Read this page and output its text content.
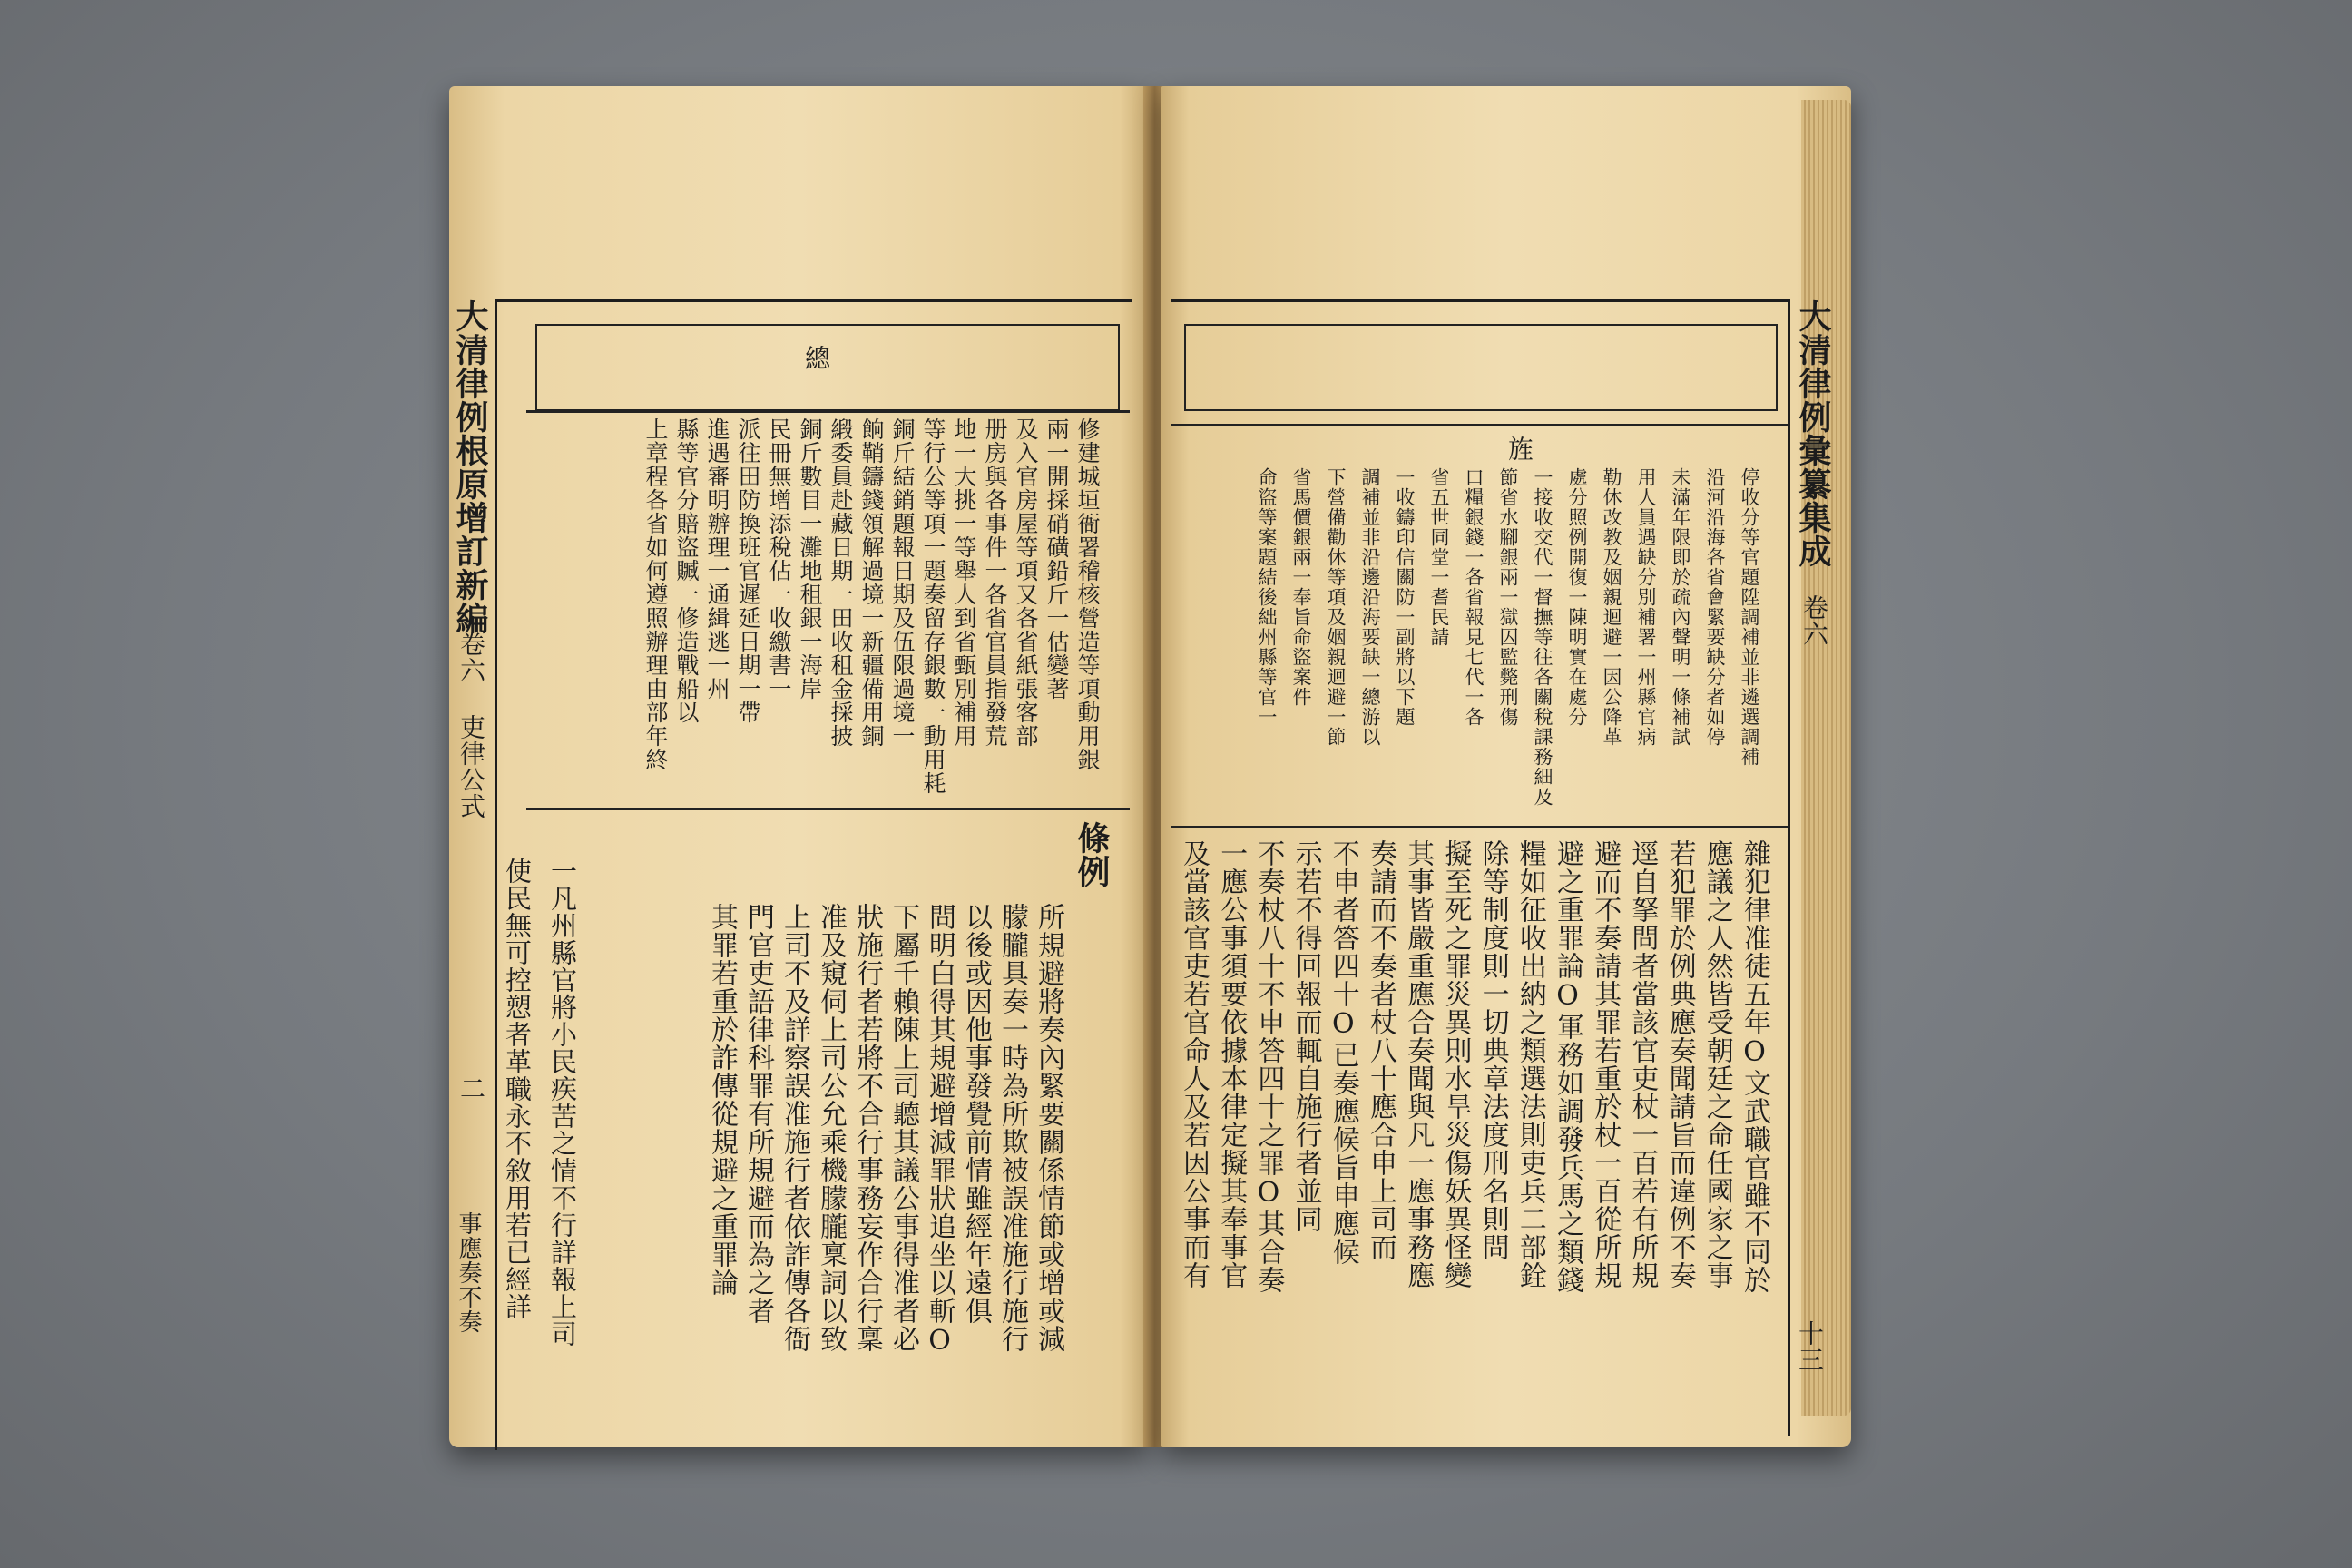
大清律例根原增訂新編
卷六 吏律公式
二
總
修建城垣衙署稽核營造等項動用銀
兩一開採硝磺鉛斤一估變著
及入官房屋等項又各省紙張客部
册房與各事件一各省官員指發荒
地一大挑一等舉人到省甄別補用
等行公等項一題奏留存銀數一動用耗
銅斤結銷題報日期及伍限過境一
餉鞘鑄錢領解過境一新疆備用銅
緞委員赴藏日期一田收租金採披
銅斤數目一灘地租銀一海岸
民冊無增添稅佔一收繳書一
派往田防換班官遲延日期一帶
進遇審明辦理一通緝逃一州
縣等官分賠盜贓一修造戰船以
上章程各省如何遵照辦理由部年終
條例
所規避將奏內緊要關係情節或增或減
朦朧具奏一時為所欺被誤准施行施行
以後或因他事發覺前情雖經年遠俱
問明白得其規避增減罪狀追坐以斬O
下屬千賴陳上司聽其議公事得准者必
狀施行者若將不合行事務妄作合行稟
准及窺伺上司公允乘機朦朧稟詞以致
上司不及詳察誤准施行者依詐傳各衙
門官吏語律科罪有所規避而為之者
其罪若重於詐傳從規避之重罪論
一凡州縣官將小民疾苦之情不行詳報上司
使民無可控愬者革職永不敘用若已經詳
事應奏不奏

大清律例彙纂集成
卷六
十三
旌
停收分等官題陞調補並非遴選調補
沿河沿海各省會緊要缺分者如停
未滿年限即於疏內聲明一條補試
用人員遇缺分別補署一州縣官病
勒休改教及姻親迴避一因公降革
處分照例開復一陳明實在處分
一接收交代一督撫等往各關稅課務細及
節省水腳銀兩一獄囚監斃刑傷
口糧銀錢一各省報見七代一各
省五世同堂一耆民請
一收鑄印信關防一副將以下題
調補並非沿邊沿海要缺一總游以
下營備勸休等項及姻親迴避一節
省馬價銀兩一奉旨命盜案件
命盜等案題結後絀州縣等官一
雜犯律准徒五年O文武職官雖不同於
應議之人然皆受朝廷之命任國家之事
若犯罪於例典應奏聞請旨而違例不奏
逕自拏問者當該官吏杖一百若有所規
避而不奏請其罪若重於杖一百從所規
避之重罪論O軍務如調發兵馬之類錢
糧如征收出納之類選法則吏兵二部銓
除等制度則一切典章法度刑名則問
擬至死之罪災異則水旱災傷妖異怪變
其事皆嚴重應合奏聞與凡一應事務應
奏請而不奏者杖八十應合申上司而
不申者答四十O已奏應候旨申應候
示若不得回報而輒自施行者並同
不奏杖八十不申答四十之罪O其合奏
一應公事須要依據本律定擬其奉事官
及當該官吏若官命人及若因公事而有
